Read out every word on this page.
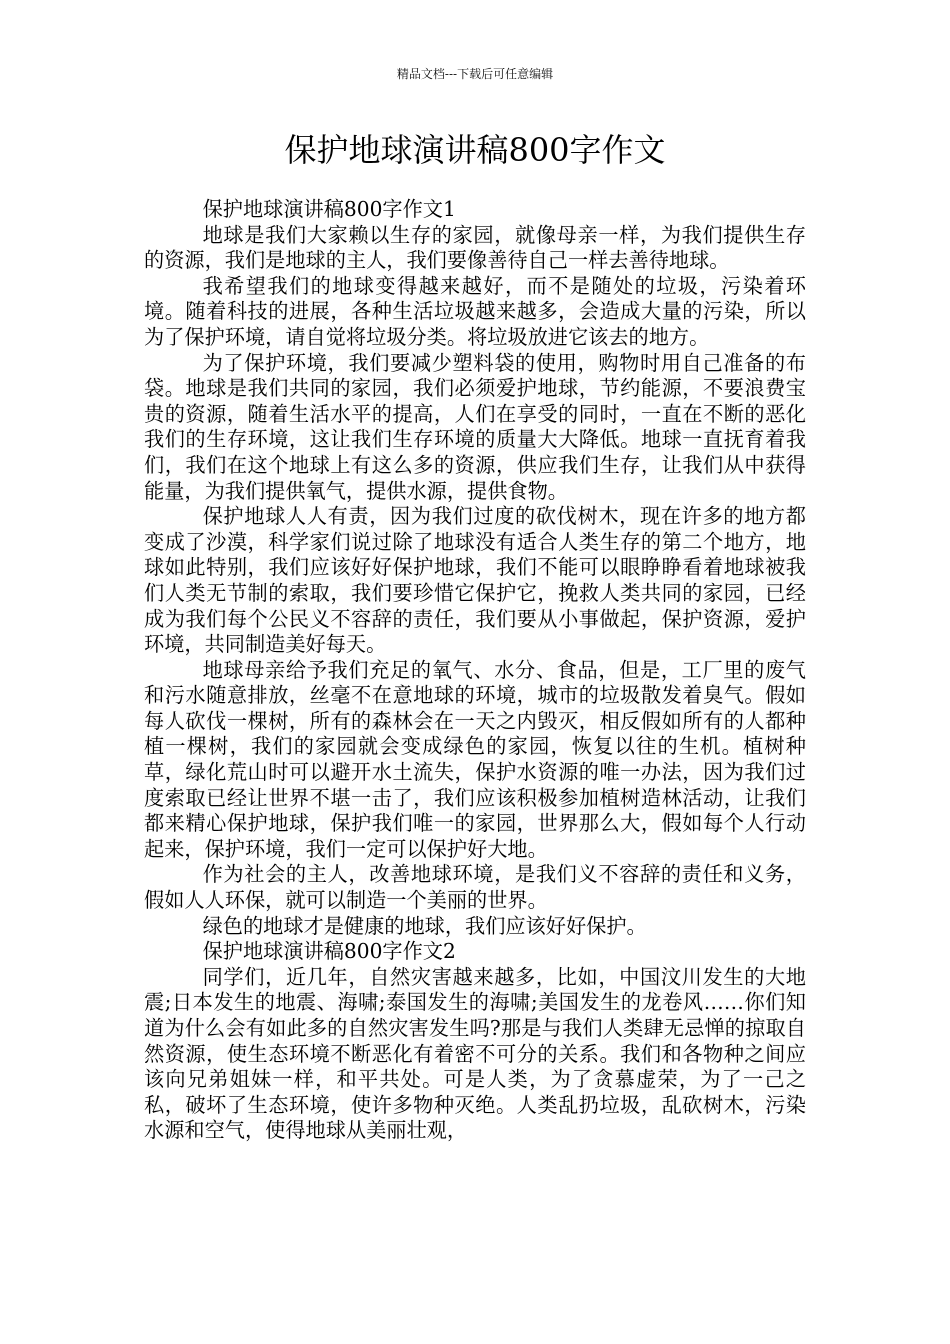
精品文档---下载后可任意编辑
保护地球演讲稿800字作文

保护地球演讲稿800字作文1

地球是我们大家赖以生存的家园，就像母亲一样，为我们提供生存的资源，我们是地球的主人，我们要像善待自己一样去善待地球。

我希望我们的地球变得越来越好，而不是随处的垃圾，污染着环境。随着科技的进展，各种生活垃圾越来越多，会造成大量的污染，所以为了保护环境，请自觉将垃圾分类。将垃圾放进它该去的地方。

为了保护环境，我们要减少塑料袋的使用，购物时用自己准备的布袋。地球是我们共同的家园，我们必须爱护地球，节约能源，不要浪费宝贵的资源，随着生活水平的提高，人们在享受的同时，一直在不断的恶化我们的生存环境，这让我们生存环境的质量大大降低。地球一直抚育着我们，我们在这个地球上有这么多的资源，供应我们生存，让我们从中获得能量，为我们提供氧气，提供水源，提供食物。

保护地球人人有责，因为我们过度的砍伐树木，现在许多的地方都变成了沙漠，科学家们说过除了地球没有适合人类生存的第二个地方，地球如此特别，我们应该好好保护地球，我们不能可以眼睁睁看着地球被我们人类无节制的索取，我们要珍惜它保护它，挽救人类共同的家园，已经成为我们每个公民义不容辞的责任，我们要从小事做起，保护资源，爱护环境，共同制造美好每天。

地球母亲给予我们充足的氧气、水分、食品，但是，工厂里的废气和污水随意排放，丝毫不在意地球的环境，城市的垃圾散发着臭气。假如每人砍伐一棵树，所有的森林会在一天之内毁灭，相反假如所有的人都种植一棵树，我们的家园就会变成绿色的家园，恢复以往的生机。植树种草，绿化荒山时可以避开水土流失，保护水资源的唯一办法，因为我们过度索取已经让世界不堪一击了，我们应该积极参加植树造林活动，让我们都来精心保护地球，保护我们唯一的家园，世界那么大，假如每个人行动起来，保护环境，我们一定可以保护好大地。

作为社会的主人，改善地球环境，是我们义不容辞的责任和义务，假如人人环保，就可以制造一个美丽的世界。

绿色的地球才是健康的地球，我们应该好好保护。

保护地球演讲稿800字作文2

同学们，近几年，自然灾害越来越多，比如，中国汶川发生的大地震;日本发生的地震、海啸;泰国发生的海啸;美国发生的龙卷风……你们知道为什么会有如此多的自然灾害发生吗?那是与我们人类肆无忌惮的掠取自然资源，使生态环境不断恶化有着密不可分的关系。我们和各物种之间应该向兄弟姐妹一样，和平共处。可是人类，为了贪慕虚荣，为了一己之私，破坏了生态环境，使许多物种灭绝。人类乱扔垃圾，乱砍树木，污染水源和空气，使得地球从美丽壮观，
